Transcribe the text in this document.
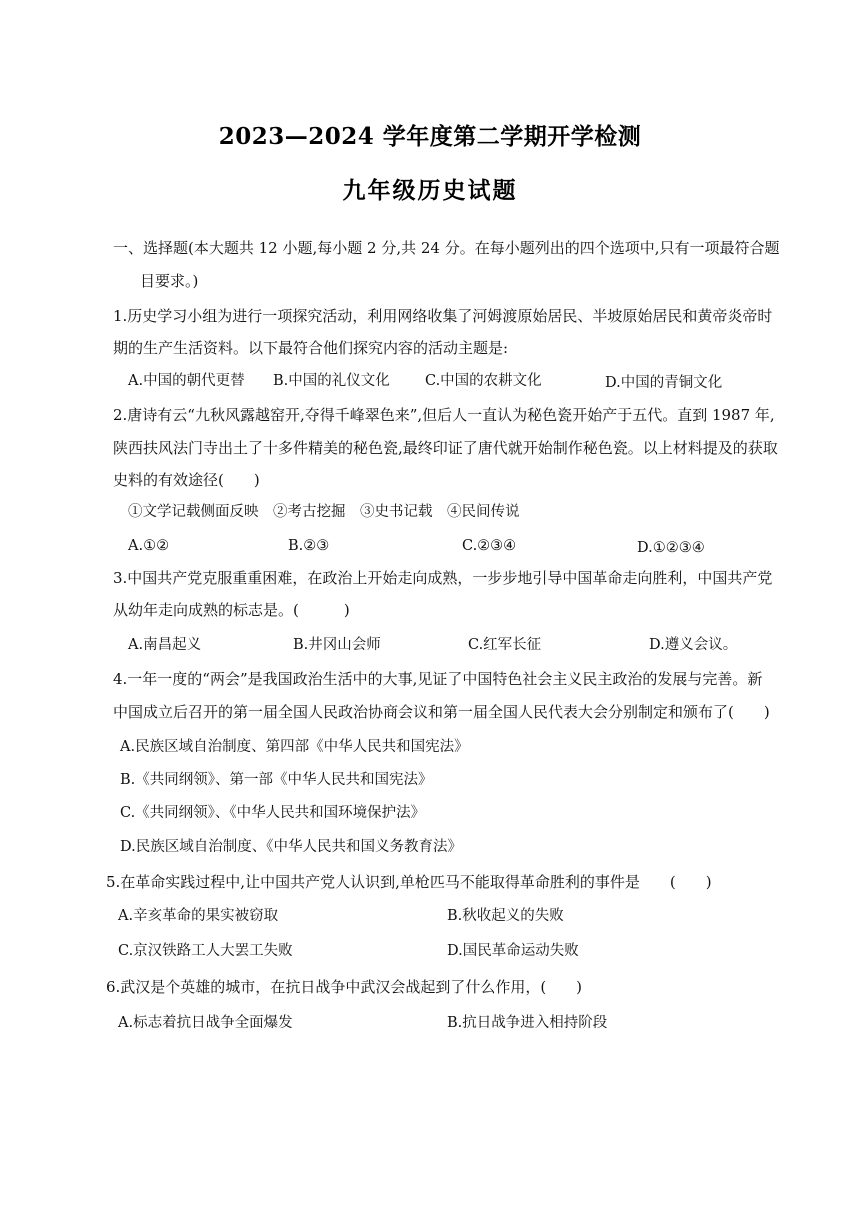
2023—2024 学年度第二学期开学检测
九年级历史试题
一、选择题(本大题共 12 小题,每小题 2 分,共 24 分。在每小题列出的四个选项中,只有一项最符合题
目要求。)
1.历史学习小组为进行一项探究活动，利用网络收集了河姆渡原始居民、半坡原始居民和黄帝炎帝时
期的生产生活资料。以下最符合他们探究内容的活动主题是:
A.中国的朝代更替 B.中国的礼仪文化 C.中国的农耕文化	D.中国的青铜文化
2.唐诗有云“九秋风露越窑开,夺得千峰翠色来”,但后人一直认为秘色瓷开始产于五代。直到 1987 年,
陕西扶风法门寺出土了十多件精美的秘色瓷,最终印证了唐代就开始制作秘色瓷。以上材料提及的获取
史料的有效途径(　　)
①文学记载侧面反映　②考古挖掘　③史书记载　④民间传说
A.①②	B.②③	C.②③④	D.①②③④
3.中国共产党克服重重困难，在政治上开始走向成熟，一步步地引导中国革命走向胜利，中国共产党
从幼年走向成熟的标志是。(　　　)
A.南昌起义	B.井冈山会师	C.红军长征	D.遵义会议。
4.一年一度的“两会”是我国政治生活中的大事,见证了中国特色社会主义民主政治的发展与完善。新
中国成立后召开的第一届全国人民政治协商会议和第一届全国人民代表大会分别制定和颁布了(　　)
A.民族区域自治制度、第四部《中华人民共和国宪法》
B.《共同纲领》、第一部《中华人民共和国宪法》
C.《共同纲领》、《中华人民共和国环境保护法》
D.民族区域自治制度、《中华人民共和国义务教育法》
5.在革命实践过程中,让中国共产党人认识到,单枪匹马不能取得革命胜利的事件是　　(　　)
A.辛亥革命的果实被窃取	B.秋收起义的失败
C.京汉铁路工人大罢工失败	D.国民革命运动失败
6.武汉是个英雄的城市，在抗日战争中武汉会战起到了什么作用，(　　)
A.标志着抗日战争全面爆发	B.抗日战争进入相持阶段
